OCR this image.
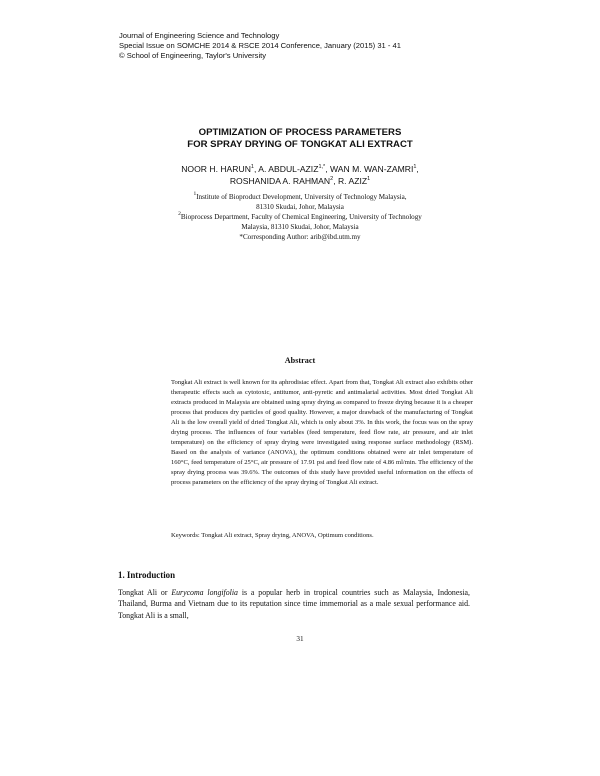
Journal of Engineering Science and Technology
Special Issue on SOMCHE 2014 & RSCE 2014 Conference, January (2015) 31 - 41
© School of Engineering, Taylor's University
OPTIMIZATION OF PROCESS PARAMETERS
FOR SPRAY DRYING OF TONGKAT ALI EXTRACT
NOOR H. HARUN$^1$, A. ABDUL-$AZIZ^{1,*}$, WAN M. WAN-ZAMRI$^1$,
ROSHANIDA A. RAHMAN$^2$, R. AZIZ$^1$
$^1$Institute of Bioproduct Development, University of Technology Malaysia,
81310 Skudai, Johor, Malaysia
$^2$Bioprocess Department, Faculty of Chemical Engineering, University of Technology
Malaysia, 81310 Skudai, Johor, Malaysia
*Corresponding Author: arib@ibd.utm.my
Abstract
Tongkat Ali extract is well known for its aphrodisiac effect. Apart from that, Tongkat Ali extract also exhibits other therapeutic effects such as cytotoxic, antitumor, anti-pyretic and antimalarial activities. Most dried Tongkat Ali extracts produced in Malaysia are obtained using spray drying as compared to freeze drying because it is a cheaper process that produces dry particles of good quality. However, a major drawback of the manufacturing of Tongkat Ali is the low overall yield of dried Tongkat Ali, which is only about 3%. In this work, the focus was on the spray drying process. The influences of four variables (feed temperature, feed flow rate, air pressure, and air inlet temperature) on the efficiency of spray drying were investigated using response surface methodology (RSM). Based on the analysis of variance (ANOVA), the optimum conditions obtained were air inlet temperature of 160°C, feed temperature of 25°C, air pressure of 17.91 psi and feed flow rate of 4.86 ml/min. The efficiency of the spray drying process was 39.6%. The outcomes of this study have provided useful information on the effects of process parameters on the efficiency of the spray drying of Tongkat Ali extract.
Keywords: Tongkat Ali extract, Spray drying, ANOVA, Optimum conditions.
1. Introduction
Tongkat Ali or Eurycoma longifolia is a popular herb in tropical countries such as Malaysia, Indonesia, Thailand, Burma and Vietnam due to its reputation since time immemorial as a male sexual performance aid. Tongkat Ali is a small,
31
